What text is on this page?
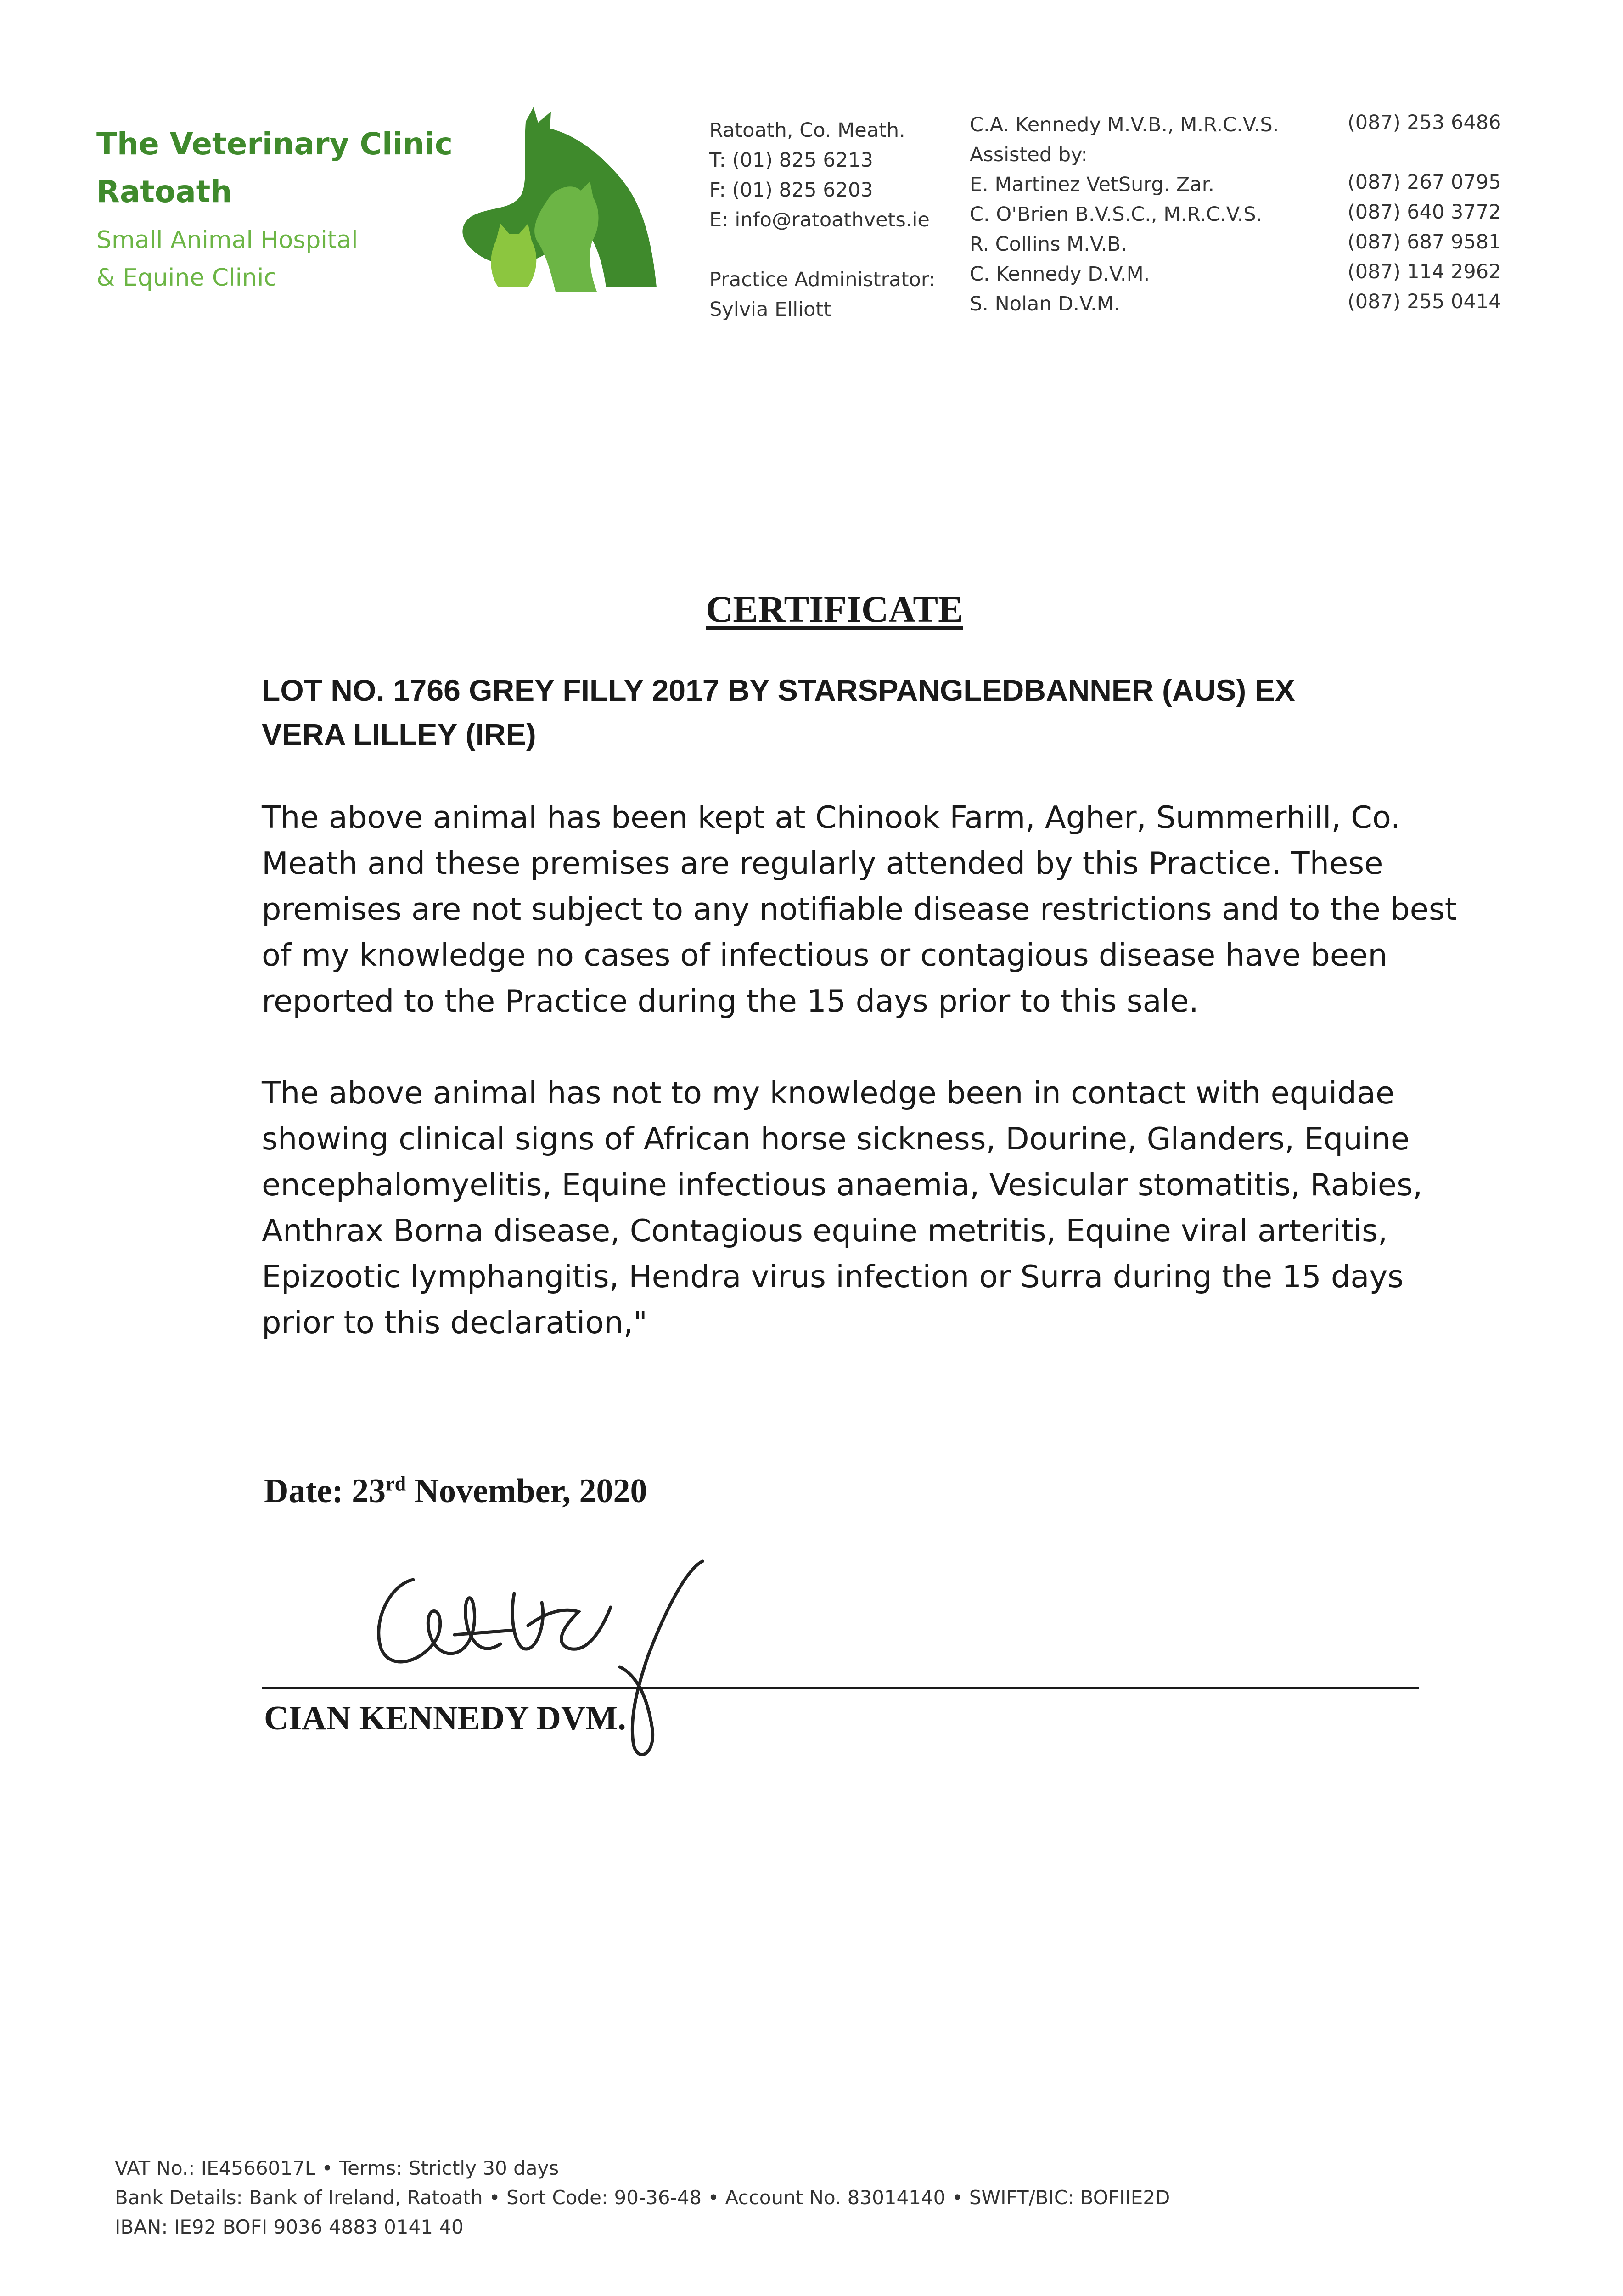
The Veterinary Clinic
Ratoath
Small Animal Hospital
& Equine Clinic
Ratoath, Co. Meath.
T: (01) 825 6213
F: (01) 825 6203
E: info@ratoathvets.ie
Practice Administrator:
Sylvia Elliott
C.A. Kennedy M.V.B., M.R.C.V.S.
Assisted by:
E. Martinez VetSurg. Zar.
C. O'Brien B.V.S.C., M.R.C.V.S.
R. Collins M.V.B.
C. Kennedy D.V.M.
S. Nolan D.V.M.
(087) 253 6486
(087) 267 0795
(087) 640 3772
(087) 687 9581
(087) 114 2962
(087) 255 0414
CERTIFICATE
LOT NO. 1766 GREY FILLY 2017 BY STARSPANGLEDBANNER (AUS) EX
VERA LILLEY (IRE)
The above animal has been kept at Chinook Farm, Agher, Summerhill, Co. Meath and these premises are regularly attended by this Practice. These premises are not subject to any notifiable disease restrictions and to the best of my knowledge no cases of infectious or contagious disease have been reported to the Practice during the 15 days prior to this sale.
The above animal has not to my knowledge been in contact with equidae showing clinical signs of African horse sickness, Dourine, Glanders, Equine encephalomyelitis, Equine infectious anaemia, Vesicular stomatitis, Rabies, Anthrax Borna disease, Contagious equine metritis, Equine viral arteritis, Epizootic lymphangitis, Hendra virus infection or Surra during the 15 days prior to this declaration,"
Date: 23rd November, 2020
CIAN KENNEDY DVM.
VAT No.: IE4566017L • Terms: Strictly 30 days
Bank Details: Bank of Ireland, Ratoath • Sort Code: 90-36-48 • Account No. 83014140 • SWIFT/BIC: BOFIIE2D
IBAN: IE92 BOFI 9036 4883 0141 40
